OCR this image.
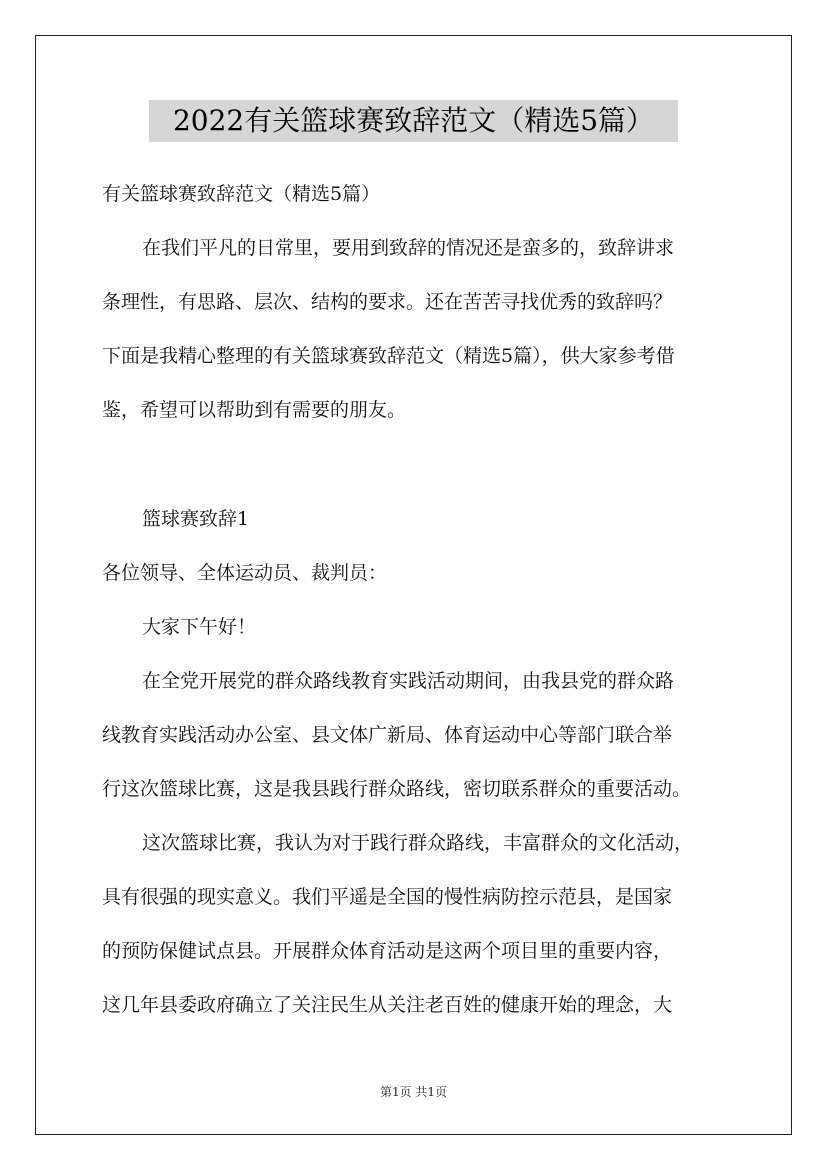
2022有关篮球赛致辞范文（精选5篇）
有关篮球赛致辞范文（精选5篇）
在我们平凡的日常里，要用到致辞的情况还是蛮多的，致辞讲求
条理性，有思路、层次、结构的要求。还在苦苦寻找优秀的致辞吗？
下面是我精心整理的有关篮球赛致辞范文（精选5篇），供大家参考借
鉴，希望可以帮助到有需要的朋友。
篮球赛致辞1
各位领导、全体运动员、裁判员：
大家下午好！
在全党开展党的群众路线教育实践活动期间，由我县党的群众路
线教育实践活动办公室、县文体广新局、体育运动中心等部门联合举
行这次篮球比赛，这是我县践行群众路线，密切联系群众的重要活动。
这次篮球比赛，我认为对于践行群众路线，丰富群众的文化活动，
具有很强的现实意义。我们平遥是全国的慢性病防控示范县，是国家
的预防保健试点县。开展群众体育活动是这两个项目里的重要内容，
这几年县委政府确立了关注民生从关注老百姓的健康开始的理念，大
第1页 共1页
